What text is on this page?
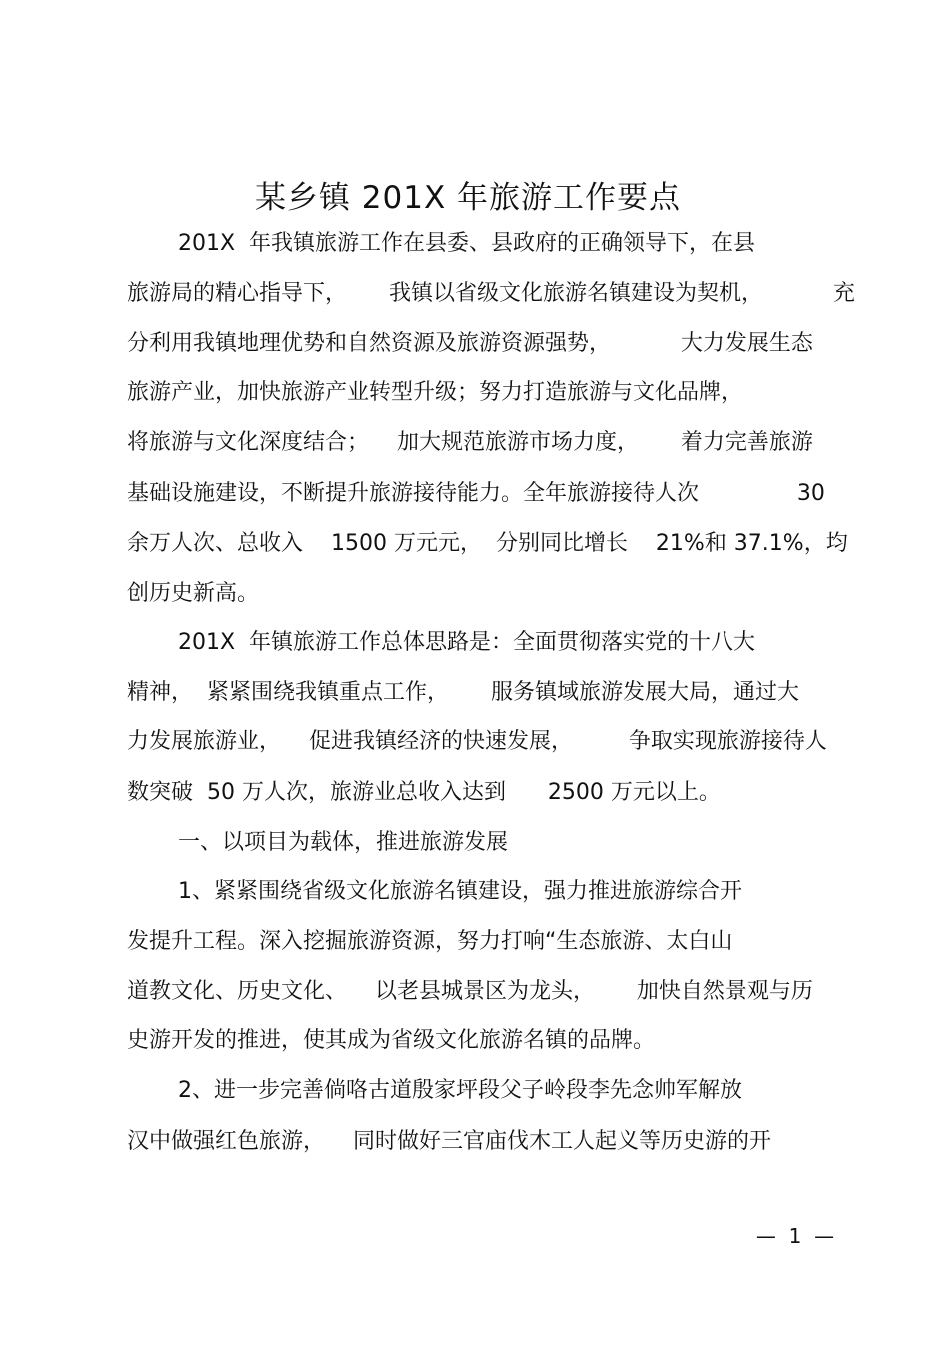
某乡镇 201X 年旅游工作要点
201X  年我镇旅游工作在县委、县政府的正确领导下，在县
旅游局的精心指导下，      我镇以省级文化旅游名镇建设为契机，          充
分利用我镇地理优势和自然资源及旅游资源强势，          大力发展生态
旅游产业，加快旅游产业转型升级；努力打造旅游与文化品牌，
将旅游与文化深度结合；    加大规范旅游市场力度，      着力完善旅游
基础设施建设，不断提升旅游接待能力。全年旅游接待人次              30
余万人次、总收入    1500 万元元，  分别同比增长    21%和 37.1%，均
创历史新高。
201X  年镇旅游工作总体思路是：全面贯彻落实党的十八大
精神，  紧紧围绕我镇重点工作，      服务镇域旅游发展大局，通过大
力发展旅游业，    促进我镇经济的快速发展，        争取实现旅游接待人
数突破  50 万人次，旅游业总收入达到      2500 万元以上。
一、以项目为载体，推进旅游发展
1、紧紧围绕省级文化旅游名镇建设，强力推进旅游综合开
发提升工程。深入挖掘旅游资源，努力打响“生态旅游、太白山
道教文化、历史文化、    以老县城景区为龙头，      加快自然景观与历
史游开发的推进，使其成为省级文化旅游名镇的品牌。
2、进一步完善倘咯古道殷家坪段父子岭段李先念帅军解放
汉中做强红色旅游，    同时做好三官庙伐木工人起义等历史游的开
—  1  —
